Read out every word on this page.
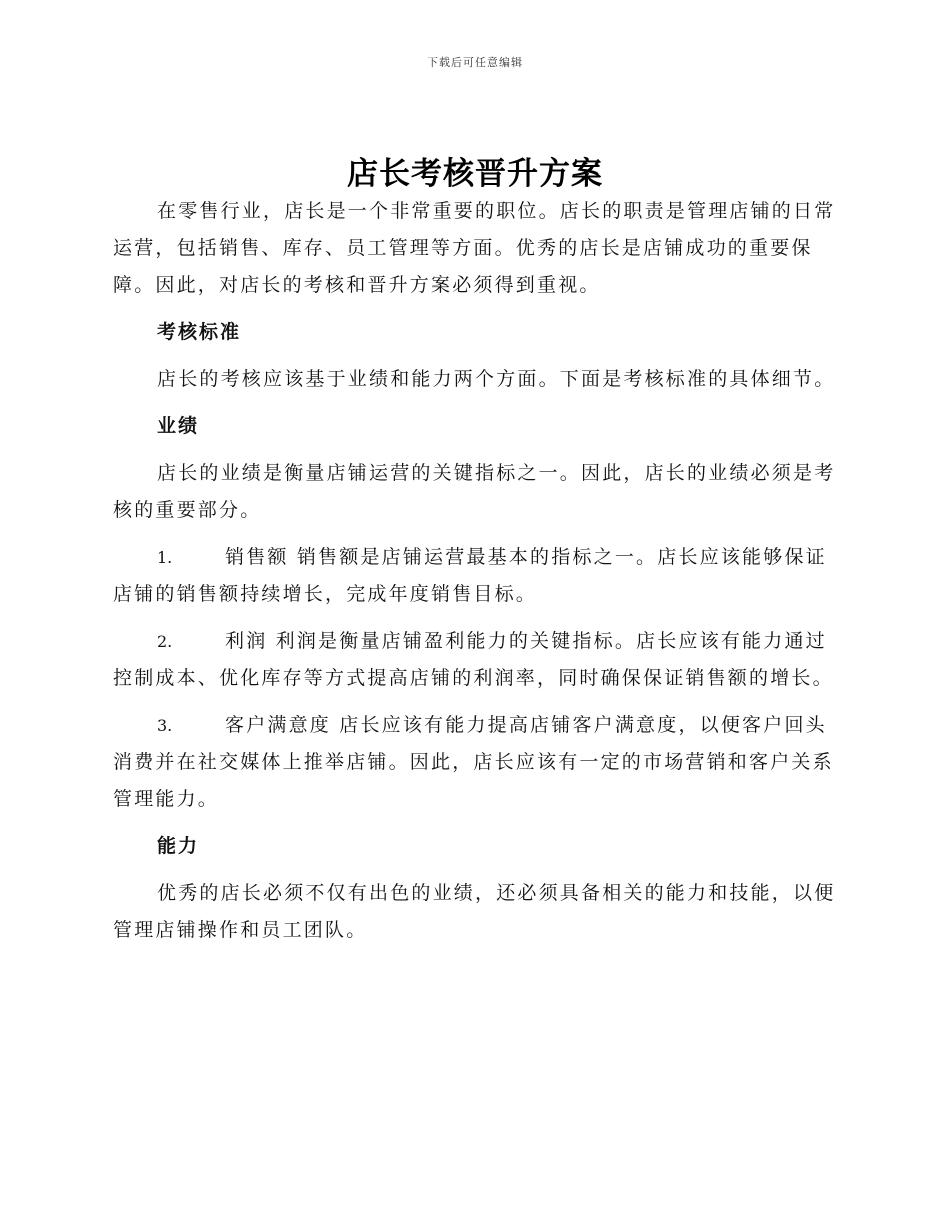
下载后可任意编辑
店长考核晋升方案

在零售行业，店长是一个非常重要的职位。店长的职责是管理店铺的日常运营，包括销售、库存、员工管理等方面。优秀的店长是店铺成功的重要保障。因此，对店长的考核和晋升方案必须得到重视。

考核标准

店长的考核应该基于业绩和能力两个方面。下面是考核标准的具体细节。

业绩

店长的业绩是衡量店铺运营的关键指标之一。因此，店长的业绩必须是考核的重要部分。

1.	销售额 销售额是店铺运营最基本的指标之一。店长应该能够保证店铺的销售额持续增长，完成年度销售目标。

2.	利润 利润是衡量店铺盈利能力的关键指标。店长应该有能力通过控制成本、优化库存等方式提高店铺的利润率，同时确保保证销售额的增长。

3.	客户满意度 店长应该有能力提高店铺客户满意度，以便客户回头消费并在社交媒体上推举店铺。因此，店长应该有一定的市场营销和客户关系管理能力。

能力

优秀的店长必须不仅有出色的业绩，还必须具备相关的能力和技能，以便管理店铺操作和员工团队。
